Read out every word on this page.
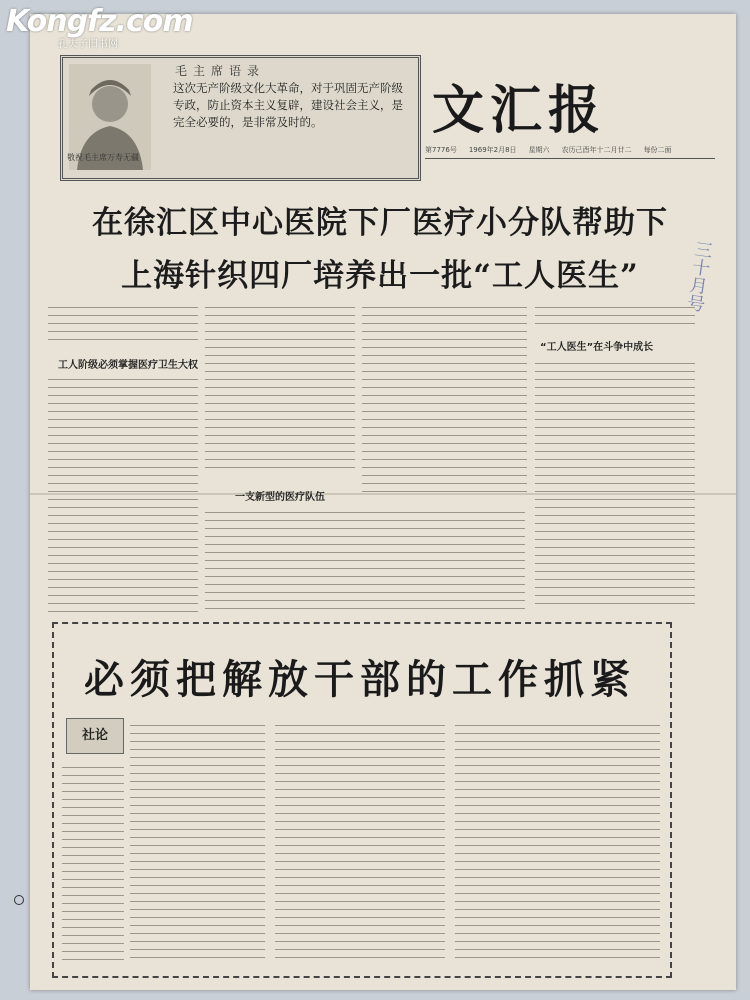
Kongfz.com
孔夫子旧书网
毛主席语录
这次无产阶级文化大革命，对于巩固无产阶级专政，防止资本主义复辟，建设社会主义，是完全必要的，是非常及时的。
敬祝毛主席万寿无疆
文汇报
第7776号 1969年2月8日 星期六 农历己酉年十二月廿二 每份二面
在徐汇区中心医院下厂医疗小分队帮助下
上海针织四厂培养出一批“工人医生”	三十月号
工人阶级必须掌握医疗卫生大权
一支新型的医疗队伍
“工人医生”在斗争中成长
必须把解放干部的工作抓紧
社论
